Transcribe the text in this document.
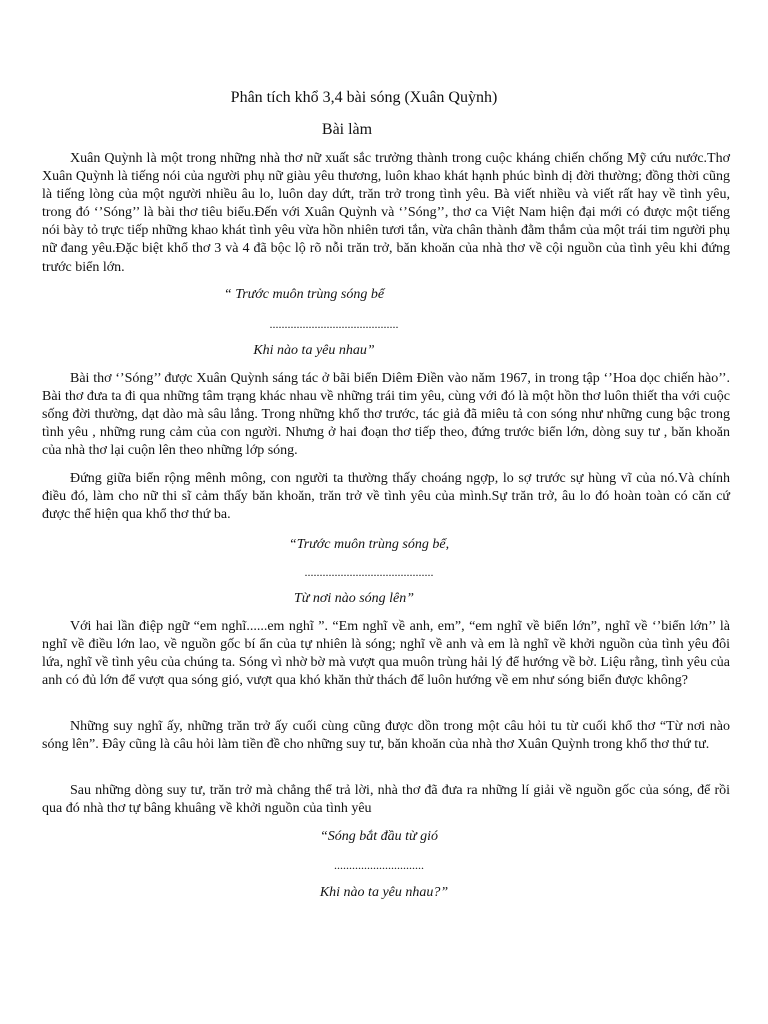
Phân tích khổ 3,4 bài sóng (Xuân Quỳnh)
Bài làm

Xuân Quỳnh là một trong những nhà thơ nữ xuất sắc trưởng thành trong cuộc kháng chiến chống Mỹ cứu nước.Thơ Xuân Quỳnh là tiếng nói của người phụ nữ giàu yêu thương, luôn khao khát hạnh phúc bình dị đời thường; đồng thời cũng là tiếng lòng của một người nhiều âu lo, luôn day dứt, trăn trở trong tình yêu. Bà viết nhiều và viết rất hay về tình yêu, trong đó ‘’Sóng’’ là bài thơ tiêu biểu.Đến với Xuân Quỳnh và ‘’Sóng’’, thơ ca Việt Nam hiện đại mới có được một tiếng nói bày tỏ trực tiếp những khao khát tình yêu vừa hồn nhiên tươi tắn, vừa chân thành đằm thắm của một trái tim người phụ nữ đang yêu.Đặc biệt khổ thơ 3 và 4 đã bộc lộ rõ nỗi trăn trở, băn khoăn của nhà thơ về cội nguồn của tình yêu khi đứng trước biển lớn.

“ Trước muôn trùng sóng bể
...........................................
Khi nào ta yêu nhau”

Bài thơ ‘’Sóng’’ được Xuân Quỳnh sáng tác ở bãi biển Diêm Điền vào năm 1967, in trong tập ‘’Hoa dọc chiến hào’’. Bài thơ đưa ta đi qua những tâm trạng khác nhau về những trái tim yêu, cùng với đó là một hồn thơ luôn thiết tha với cuộc sống đời thường, dạt dào mà sâu lắng. Trong những khổ thơ trước, tác giả đã miêu tả con sóng như những cung bậc trong tình yêu , những rung cảm của con người. Nhưng ở hai đoạn thơ tiếp theo, đứng trước biển lớn, dòng suy tư , băn khoăn của nhà thơ lại cuộn lên theo những lớp sóng.

Đứng giữa biển rộng mênh mông, con người ta thường thấy choáng ngợp, lo sợ trước sự hùng vĩ của nó.Và chính điều đó, làm cho nữ thi sĩ cảm thấy băn khoăn, trăn trở về tình yêu của mình.Sự trăn trở, âu lo đó hoàn toàn có căn cứ được thể hiện qua khổ thơ thứ ba.

“Trước muôn trùng sóng bể,
...........................................
Từ nơi nào sóng lên”

Với hai lần điệp ngữ “em nghĩ......em nghĩ ”. “Em nghĩ về anh, em”, “em nghĩ về biển lớn”, nghĩ về ‘’biển lớn’’ là nghĩ về điều lớn lao, về nguồn gốc bí ẩn của tự nhiên là sóng; nghĩ về anh và em là nghĩ về khởi nguồn của tình yêu đôi lứa, nghĩ về tình yêu của chúng ta. Sóng vì nhờ bờ mà vượt qua muôn trùng hải lý để hướng về bờ. Liệu rằng, tình yêu của anh có đủ lớn để vượt qua sóng gió, vượt qua khó khăn thử thách để luôn hướng về em như sóng biển được không?

Những suy nghĩ ấy, những trăn trở ấy cuối cùng cũng được dồn trong một câu hỏi tu từ cuối khổ thơ “Từ nơi nào sóng lên”. Đây cũng là câu hỏi làm tiền đề cho những suy tư, băn khoăn của nhà thơ Xuân Quỳnh trong khổ thơ thứ tư.

Sau những dòng suy tư, trăn trở mà chẳng thể trả lời, nhà thơ đã đưa ra những lí giải về nguồn gốc của sóng, để rồi qua đó nhà thơ tự bâng khuâng về khởi nguồn của tình yêu

“Sóng bắt đầu từ gió
..............................
Khi nào ta yêu nhau?”
